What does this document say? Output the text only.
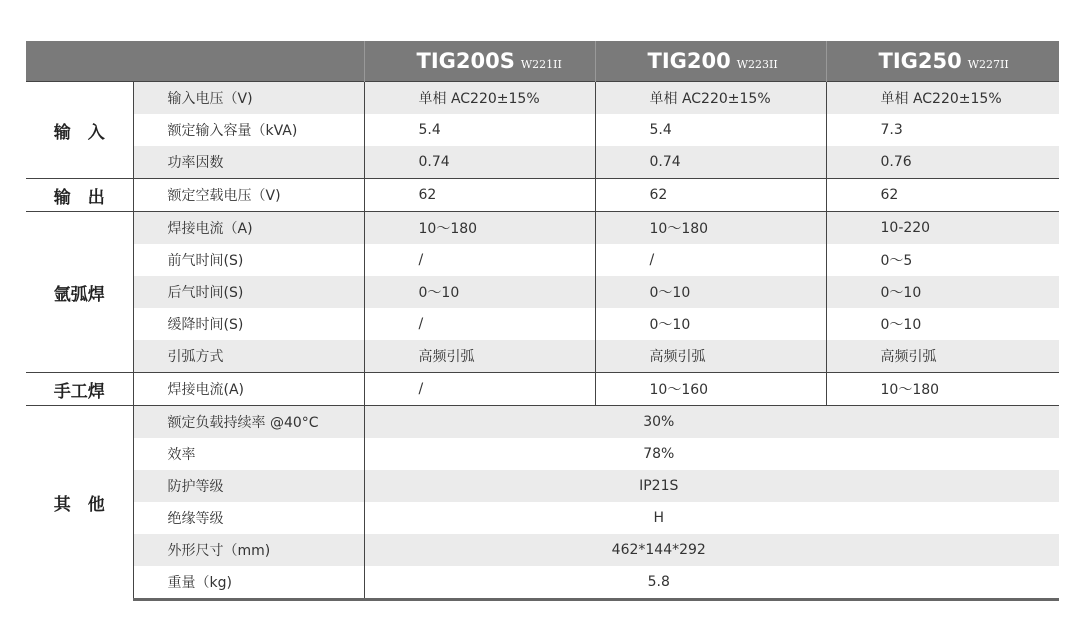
		TIG200S W221II	TIG200 W223II	TIG250 W227II
输　入	输入电压（V)	单相 AC220±15%	单相 AC220±15%	单相 AC220±15%
	额定输入容量（kVA)	5.4	5.4	7.3
	功率因数	0.74	0.74	0.76
输　出	额定空载电压（V)	62	62	62
氩弧焊	焊接电流（A)	10～180	10～180	10-220
	前气时间(S)	/	/	0～5
	后气时间(S)	0～10	0～10	0～10
	缓降时间(S)	/	0～10	0～10
	引弧方式	高频引弧	高频引弧	高频引弧
手工焊	焊接电流(A)	/	10～160	10～180
其　他	额定负载持续率 @40°C	30%		
	效率	78%		
	防护等级	IP21S		
	绝缘等级	H		
	外形尺寸（mm)	462*144*292		
	重量（kg)	5.8		
